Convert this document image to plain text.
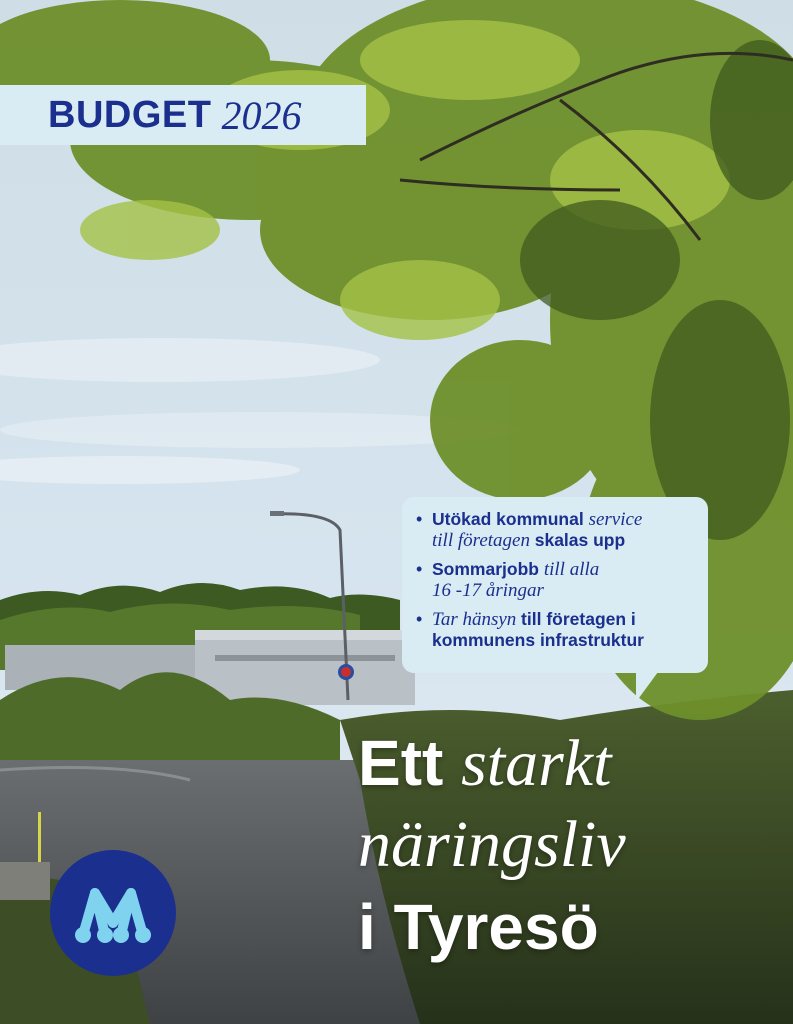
BUDGET 2026
• Utökad kommunal service
till företagen skalas upp
• Sommarjobb till alla
16 -17 åringar
• Tar hänsyn till företagen i
kommunens infrastruktur
Ett starkt
näringsliv
i Tyresö
